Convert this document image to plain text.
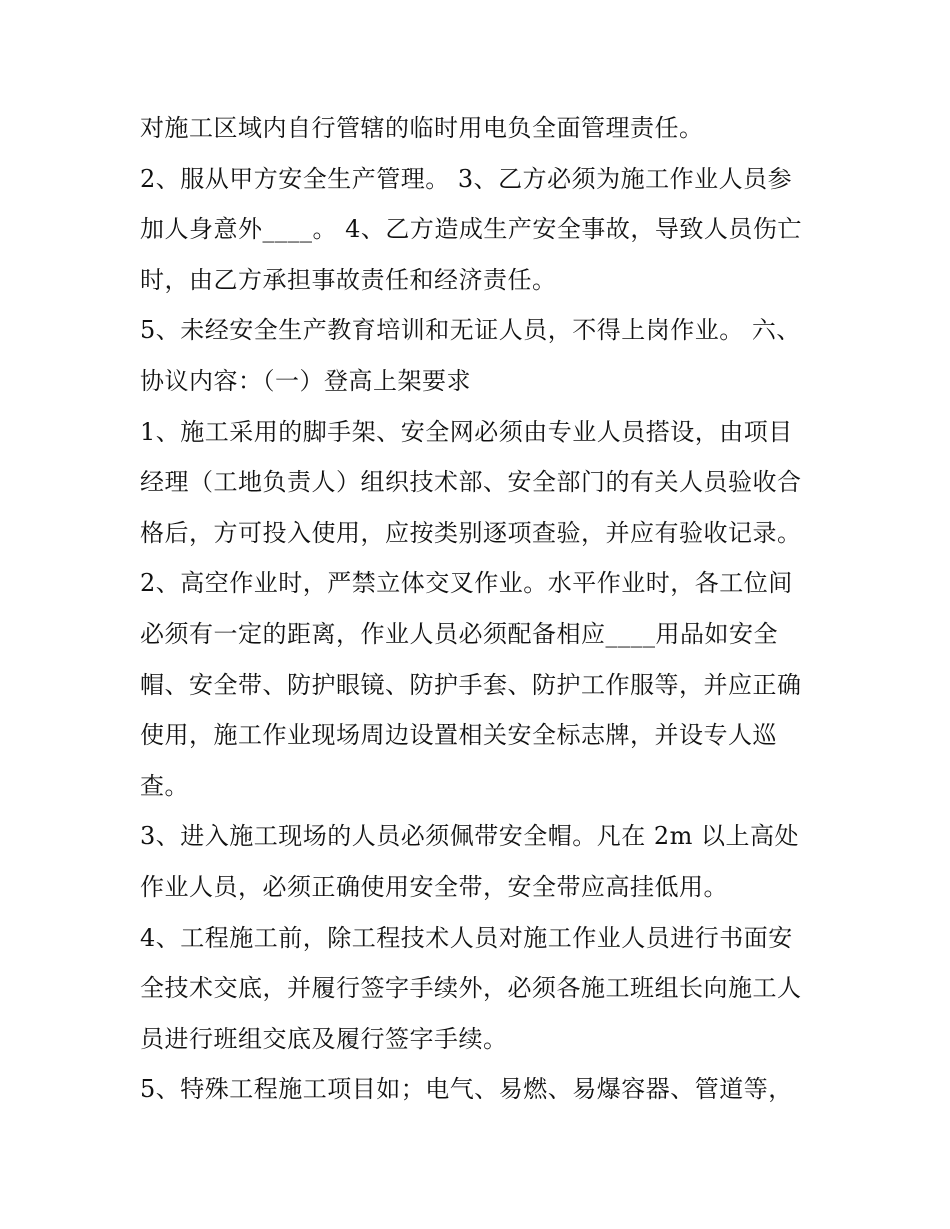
对施工区域内自行管辖的临时用电负全面管理责任。
2、服从甲方安全生产管理。 3、乙方必须为施工作业人员参
加人身意外____。 4、乙方造成生产安全事故，导致人员伤亡
时，由乙方承担事故责任和经济责任。
5、未经安全生产教育培训和无证人员，不得上岗作业。 六、
协议内容：（一）登高上架要求
1、施工采用的脚手架、安全网必须由专业人员搭设，由项目
经理（工地负责人）组织技术部、安全部门的有关人员验收合
格后，方可投入使用，应按类别逐项查验，并应有验收记录。
2、高空作业时，严禁立体交叉作业。水平作业时，各工位间
必须有一定的距离，作业人员必须配备相应____用品如安全
帽、安全带、防护眼镜、防护手套、防护工作服等，并应正确
使用，施工作业现场周边设置相关安全标志牌，并设专人巡
查。
3、进入施工现场的人员必须佩带安全帽。凡在 2m 以上高处
作业人员，必须正确使用安全带，安全带应高挂低用。
4、工程施工前，除工程技术人员对施工作业人员进行书面安
全技术交底，并履行签字手续外，必须各施工班组长向施工人
员进行班组交底及履行签字手续。
5、特殊工程施工项目如；电气、易燃、易爆容器、管道等，
